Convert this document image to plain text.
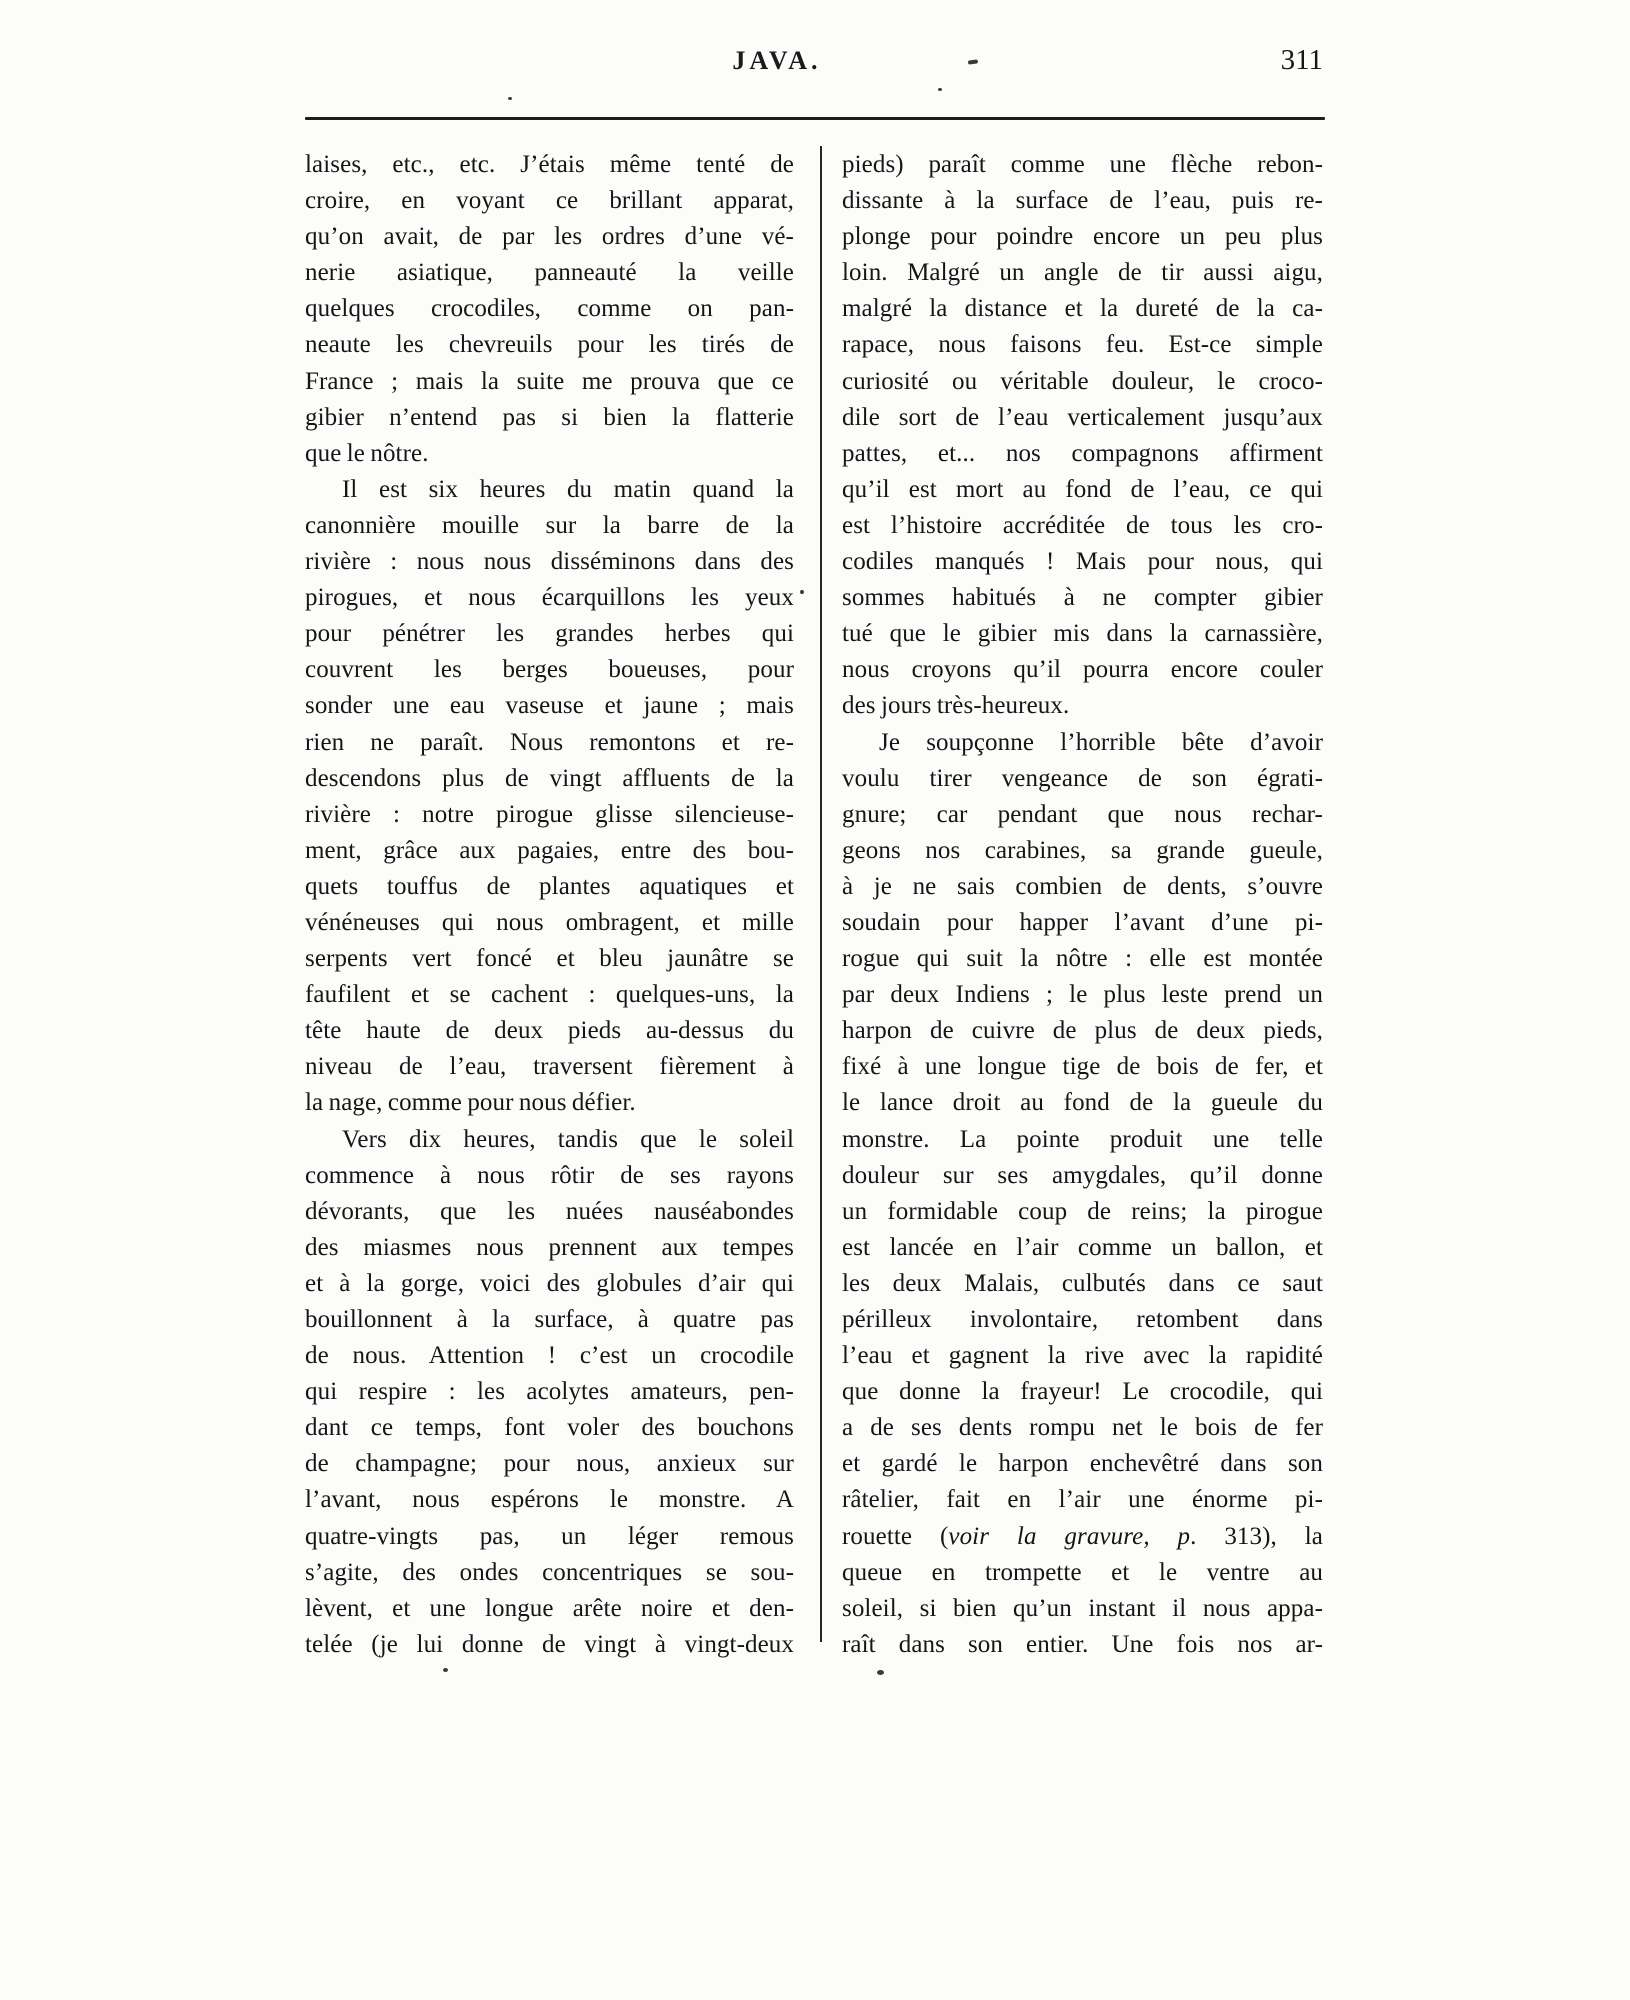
JAVA.	311
laises, etc., etc. J’étais même tenté de
croire, en voyant ce brillant apparat,
qu’on avait, de par les ordres d’une vé-
nerie asiatique, panneauté la veille
quelques crocodiles, comme on pan-
neaute les chevreuils pour les tirés de
France ; mais la suite me prouva que ce
gibier n’entend pas si bien la flatterie
que le nôtre.
Il est six heures du matin quand la
canonnière mouille sur la barre de la
rivière : nous nous disséminons dans des
pirogues, et nous écarquillons les yeux
pour pénétrer les grandes herbes qui
couvrent les berges boueuses, pour
sonder une eau vaseuse et jaune ; mais
rien ne paraît. Nous remontons et re-
descendons plus de vingt affluents de la
rivière : notre pirogue glisse silencieuse-
ment, grâce aux pagaies, entre des bou-
quets touffus de plantes aquatiques et
vénéneuses qui nous ombragent, et mille
serpents vert foncé et bleu jaunâtre se
faufilent et se cachent : quelques-uns, la
tête haute de deux pieds au-dessus du
niveau de l’eau, traversent fièrement à
la nage, comme pour nous défier.
Vers dix heures, tandis que le soleil
commence à nous rôtir de ses rayons
dévorants, que les nuées nauséabondes
des miasmes nous prennent aux tempes
et à la gorge, voici des globules d’air qui
bouillonnent à la surface, à quatre pas
de nous. Attention ! c’est un crocodile
qui respire : les acolytes amateurs, pen-
dant ce temps, font voler des bouchons
de champagne; pour nous, anxieux sur
l’avant, nous espérons le monstre. A
quatre-vingts pas, un léger remous
s’agite, des ondes concentriques se sou-
lèvent, et une longue arête noire et den-
telée (je lui donne de vingt à vingt-deux
pieds) paraît comme une flèche rebon-
dissante à la surface de l’eau, puis re-
plonge pour poindre encore un peu plus
loin. Malgré un angle de tir aussi aigu,
malgré la distance et la dureté de la ca-
rapace, nous faisons feu. Est-ce simple
curiosité ou véritable douleur, le croco-
dile sort de l’eau verticalement jusqu’aux
pattes, et... nos compagnons affirment
qu’il est mort au fond de l’eau, ce qui
est l’histoire accréditée de tous les cro-
codiles manqués ! Mais pour nous, qui
sommes habitués à ne compter gibier
tué que le gibier mis dans la carnassière,
nous croyons qu’il pourra encore couler
des jours très-heureux.
Je soupçonne l’horrible bête d’avoir
voulu tirer vengeance de son égrati-
gnure; car pendant que nous rechar-
geons nos carabines, sa grande gueule,
à je ne sais combien de dents, s’ouvre
soudain pour happer l’avant d’une pi-
rogue qui suit la nôtre : elle est montée
par deux Indiens ; le plus leste prend un
harpon de cuivre de plus de deux pieds,
fixé à une longue tige de bois de fer, et
le lance droit au fond de la gueule du
monstre. La pointe produit une telle
douleur sur ses amygdales, qu’il donne
un formidable coup de reins; la pirogue
est lancée en l’air comme un ballon, et
les deux Malais, culbutés dans ce saut
périlleux involontaire, retombent dans
l’eau et gagnent la rive avec la rapidité
que donne la frayeur! Le crocodile, qui
a de ses dents rompu net le bois de fer
et gardé le harpon enchevêtré dans son
râtelier, fait en l’air une énorme pi-
rouette (voir la gravure, p. 313), la
queue en trompette et le ventre au
soleil, si bien qu’un instant il nous appa-
raît dans son entier. Une fois nos ar-
